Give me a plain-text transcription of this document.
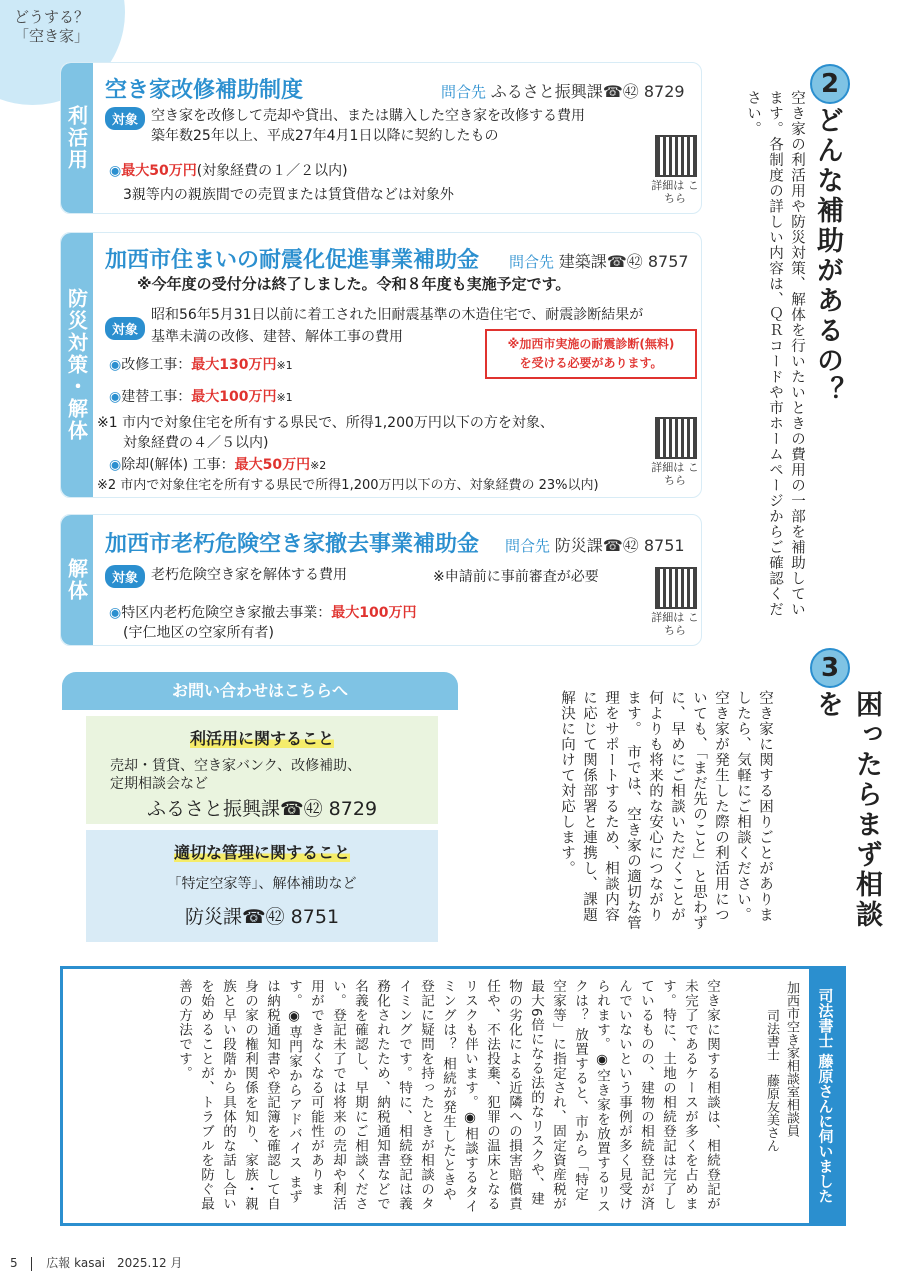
どうする？
「空き家」
利活用
空き家改修補助制度	問合先 ふるさと振興課☎㊷ 8729
対象 空き家を改修して売却や貸出、または購入した空き家を改修する費用
築年数25年以上、平成27年4月1日以降に契約したもの
◉最大50万円(対象経費の１／２以内)
3親等内の親族間での売買または賃貸借などは対象外
詳細は こちら
防災対策・解体
加西市住まいの耐震化促進事業補助金 問合先 建築課☎㊷ 8757
※今年度の受付分は終了しました。令和８年度も実施予定です。
対象
昭和56年5月31日以前に着工された旧耐震基準の木造住宅で、耐震診断結果が
基準未満の改修、建替、解体工事の費用	※加西市実施の耐震診断(無料)
を受ける必要があります。
◉改修工事：最大130万円※1
◉建替工事：最大100万円※1
※1 市内で対象住宅を所有する県民で、所得1,200万円以下の方を対象、
対象経費の４／５以内)
◉除却(解体) 工事：最大50万円※2
※2 市内で対象住宅を所有する県民で所得1,200万円以下の方、対象経費の 23%以内)
詳細は こちら
解体
加西市老朽危険空き家撤去事業補助金 問合先 防災課☎㊷ 8751
対象 老朽危険空き家を解体する費用	※申請前に事前審査が必要
◉特区内老朽危険空き家撤去事業：最大100万円
(宇仁地区の空家所有者)
詳細は こちら
2
どんな補助があるの？
空き家の利活用や防災対策、解体を行いたいときの費用の一部を補助しています。各制度の詳しい内容は、ＱＲコードや市ホームページからご確認ください。
お問い合わせはこちらへ
利活用に関すること
売却・賃貸、空き家バンク、改修補助、
定期相談会など
ふるさと振興課☎㊷ 8729
適切な管理に関すること
「特定空家等」、解体補助など
防災課☎㊷ 8751
3
困ったらまず相談を
空き家に関する困りごとがありましたら、気軽にご相談ください。空き家が発生した際の利活用についても、「まだ先のこと」と思わずに、早めにご相談いただくことが何よりも将来的な安心につながります。　市では、空き家の適切な管理をサポートするため、相談内容に応じて関係部署と連携し、課題解決に向けて対応します。
司法書士 藤原さんに伺いました
加西市空き家相談室相談員
司法書士　藤原友美さん
空き家に関する相談は、相続登記が未完了であるケースが多くを占めます。特に、土地の相続登記は完了しているものの、建物の相続登記が済んでいないという事例が多く見受けられます。◉空き家を放置するリスクは？ 放置すると、市から「特定空家等」に指定され、固定資産税が最大6倍になる法的なリスクや、建物の劣化による近隣への損害賠償責任や、不法投棄、犯罪の温床となるリスクも伴います。◉相談するタイミングは？ 相続が発生したときや登記に疑問を持ったときが相談のタイミングです。特に、相続登記は義務化されたため、納税通知書などで名義を確認し、早期にご相談ください。登記未了では将来の売却や利活用ができなくなる可能性があります。◉専門家からアドバイス まずは納税通知書や登記簿を確認して自身の家の権利関係を知り、家族・親族と早い段階から具体的な話し合いを始めることが、トラブルを防ぐ最善の方法です。
5 広報 kasai 2025.12 月
